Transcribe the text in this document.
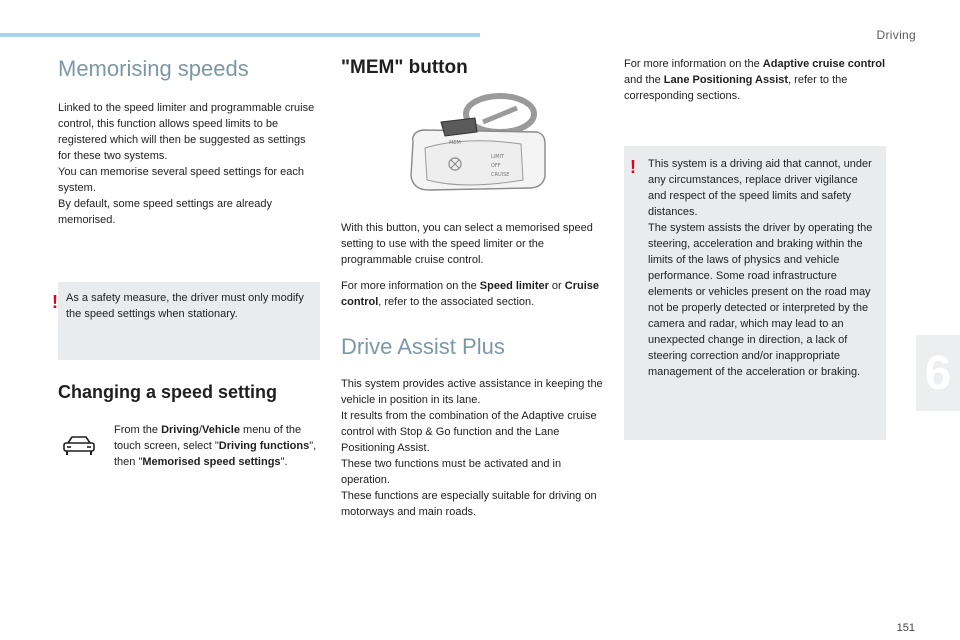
Driving
6
151
Memorising speeds

Linked to the speed limiter and programmable cruise control, this function allows speed limits to be registered which will then be suggested as settings for these two systems.

You can memorise several speed settings for each system.

By default, some speed settings are already memorised.

! As a safety measure, the driver must only modify the speed settings when stationary.

Changing a speed setting

From the Driving/Vehicle menu of the touch screen, select "Driving functions", then "Memorised speed settings".

"MEM" button
MEM
LIMIT
OFF
CRUISE

With this button, you can select a memorised speed setting to use with the speed limiter or the programmable cruise control.

For more information on the Speed limiter or Cruise control, refer to the associated section.

Drive Assist Plus

This system provides active assistance in keeping the vehicle in position in its lane.

It results from the combination of the Adaptive cruise control with Stop & Go function and the Lane Positioning Assist.

These two functions must be activated and in operation.

These functions are especially suitable for driving on motorways and main roads.

For more information on the Adaptive cruise control and the Lane Positioning Assist, refer to the corresponding sections.

! This system is a driving aid that cannot, under any circumstances, replace driver vigilance and respect of the speed limits and safety distances.

The system assists the driver by operating the steering, acceleration and braking within the limits of the laws of physics and vehicle performance. Some road infrastructure elements or vehicles present on the road may not be properly detected or interpreted by the camera and radar, which may lead to an unexpected change in direction, a lack of steering correction and/or inappropriate management of the acceleration or braking.
